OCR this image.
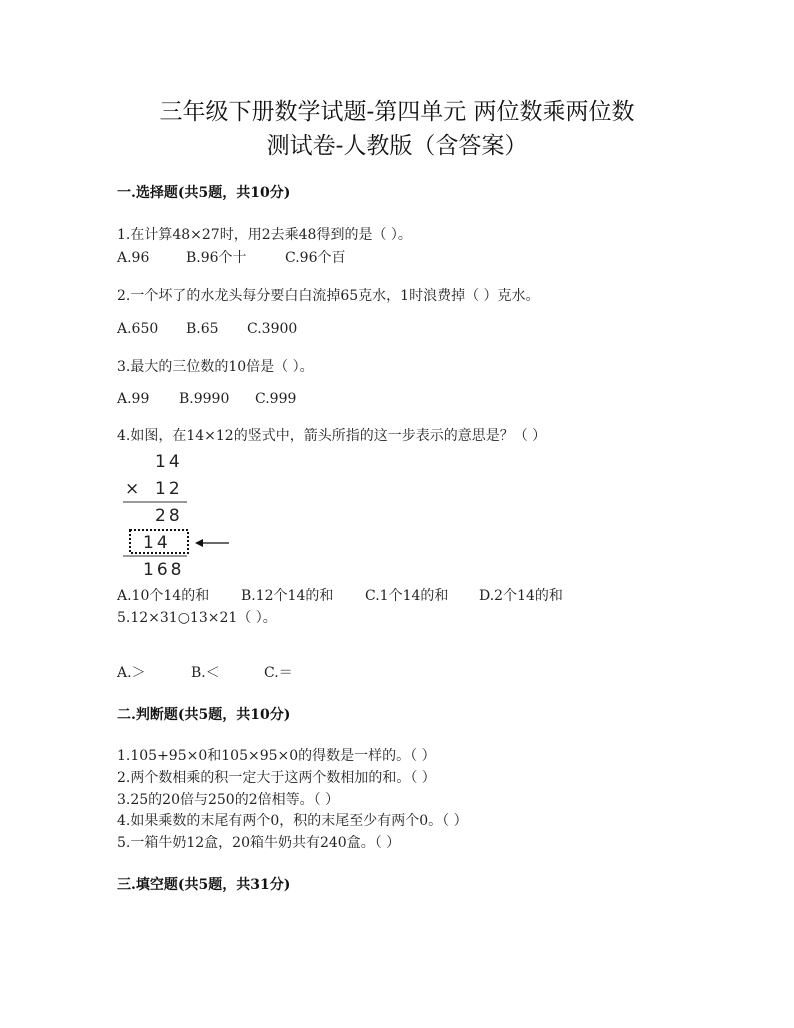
三年级下册数学试题-第四单元 两位数乘两位数
测试卷-人教版（含答案）
一.选择题(共5题，共10分)
1.在计算48×27时，用2去乘48得到的是（ ）。
A.96	B.96个十	C.96个百
2.一个坏了的水龙头每分要白白流掉65克水，1时浪费掉（ ）克水。
A.650 B.65 C.3900
3.最大的三位数的10倍是（ ）。
A.99 B.9990 C.999
4.如图，在14×12的竖式中，箭头所指的这一步表示的意思是？（ ）
14
× 12
28
14
168
A.10个14的和 B.12个14的和 C.1个14的和 D.2个14的和
5.12×31○13×21（ ）。
A.＞	B.＜	C.＝
二.判断题(共5题，共10分)
1.105+95×0和105×95×0的得数是一样的。（ ）
2.两个数相乘的积一定大于这两个数相加的和。（ ）
3.25的20倍与250的2倍相等。（ ）
4.如果乘数的末尾有两个0，积的末尾至少有两个0。（ ）
5.一箱牛奶12盒，20箱牛奶共有240盒。（ ）
三.填空题(共5题，共31分)
